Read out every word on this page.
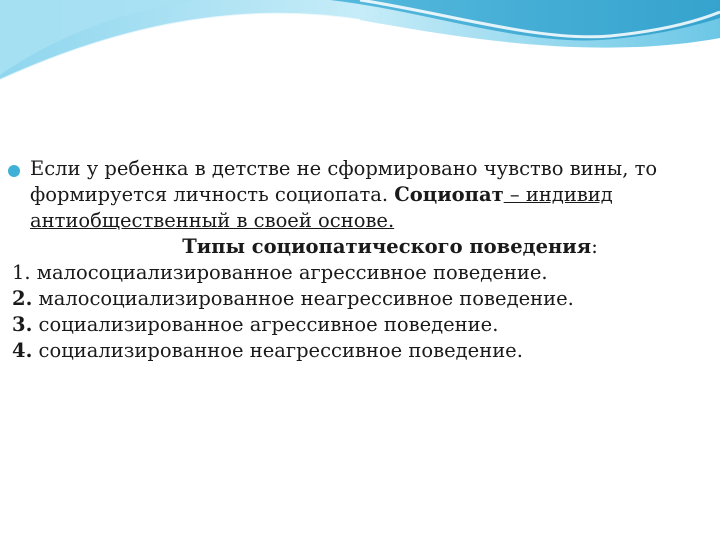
Если у ребенка в детстве не сформировано чувство вины, то формируется личность социопата. Социопат – индивид антиобщественный в своей основе.
Типы социопатического поведения:
1. малосоциализированное агрессивное поведение.
2. малосоциализированное неагрессивное поведение.
3. социализированное агрессивное поведение.
4. социализированное неагрессивное поведение.
